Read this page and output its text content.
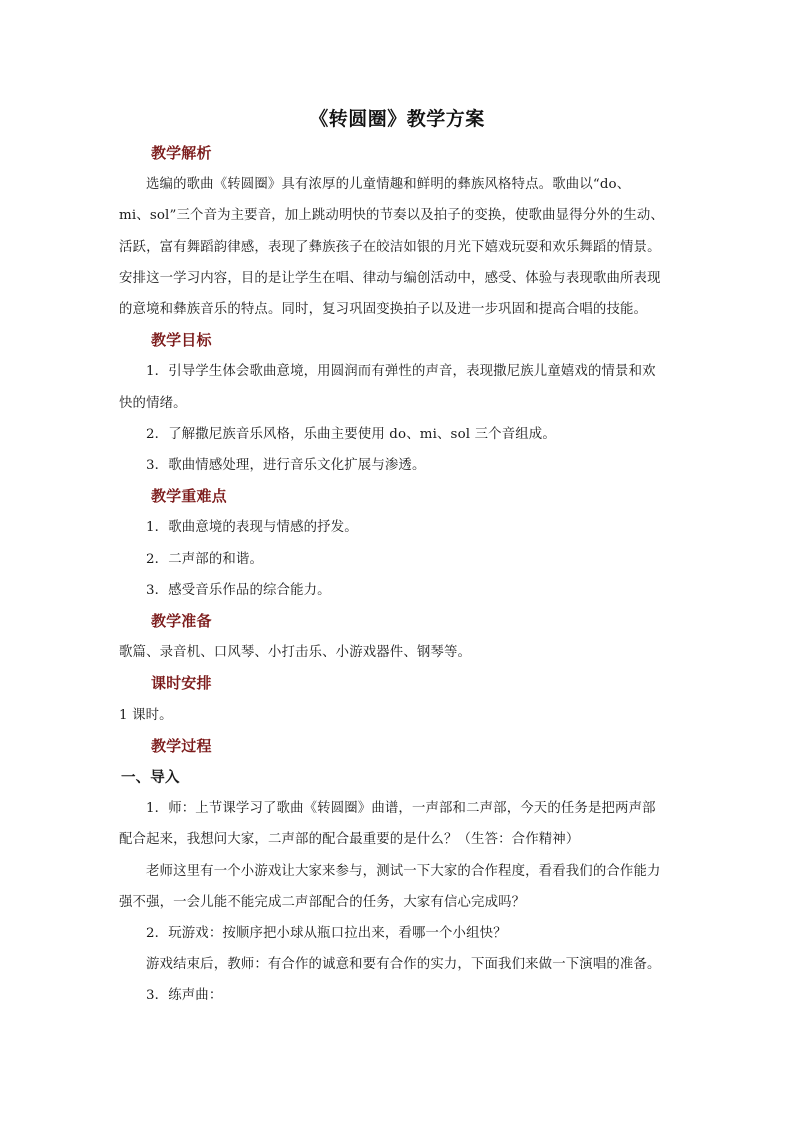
《转圆圈》教学方案
教学解析
选编的歌曲《转圆圈》具有浓厚的儿童情趣和鲜明的彝族风格特点。歌曲以“do、
mi、sol”三个音为主要音，加上跳动明快的节奏以及拍子的变换，使歌曲显得分外的生动、
活跃，富有舞蹈韵律感，表现了彝族孩子在皎洁如银的月光下嬉戏玩耍和欢乐舞蹈的情景。
安排这一学习内容，目的是让学生在唱、律动与编创活动中，感受、体验与表现歌曲所表现
的意境和彝族音乐的特点。同时，复习巩固变换拍子以及进一步巩固和提高合唱的技能。
教学目标
1．引导学生体会歌曲意境，用圆润而有弹性的声音，表现撒尼族儿童嬉戏的情景和欢
快的情绪。
2．了解撒尼族音乐风格，乐曲主要使用 do、mi、sol 三个音组成。
3．歌曲情感处理，进行音乐文化扩展与渗透。
教学重难点
1．歌曲意境的表现与情感的抒发。
2．二声部的和谐。
3．感受音乐作品的综合能力。
教学准备
歌篇、录音机、口风琴、小打击乐、小游戏器件、钢琴等。
课时安排
1 课时。
教学过程
一、导入
1．师：上节课学习了歌曲《转圆圈》曲谱，一声部和二声部，今天的任务是把两声部
配合起来，我想问大家，二声部的配合最重要的是什么？（生答：合作精神）
老师这里有一个小游戏让大家来参与，测试一下大家的合作程度，看看我们的合作能力
强不强，一会儿能不能完成二声部配合的任务，大家有信心完成吗？
2．玩游戏：按顺序把小球从瓶口拉出来，看哪一个小组快？
游戏结束后，教师：有合作的诚意和要有合作的实力，下面我们来做一下演唱的准备。
3．练声曲：
